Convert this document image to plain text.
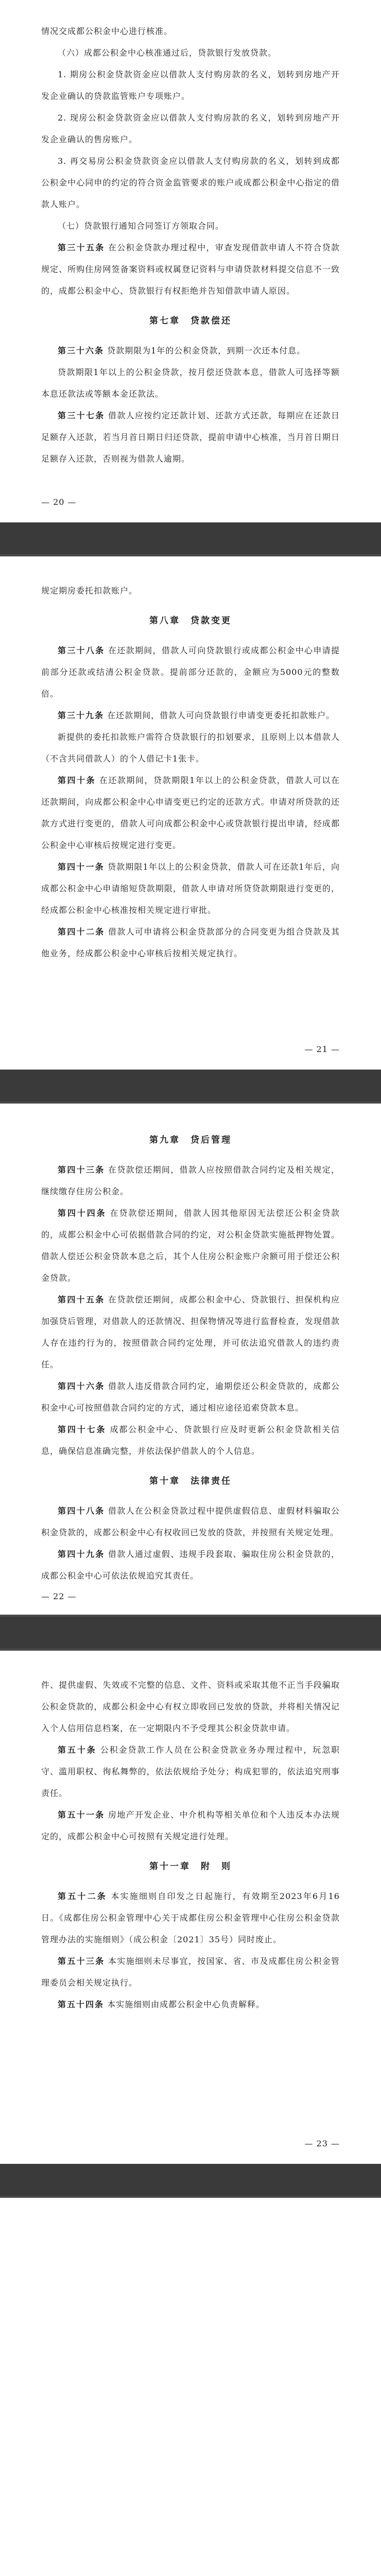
情况交成都公积金中心进行核准。

（六）成都公积金中心核准通过后，贷款银行发放贷款。

1. 期房公积金贷款资金应以借款人支付购房款的名义，划转到房地产开发企业确认的贷款监管账户专项账户。

2. 现房公积金贷款资金应以借款人支付购房款的名义，划转到房地产开发企业确认的售房账户。

3. 再交易房公积金贷款资金应以借款人支付购房款的名义，划转到成都公积金中心同申的约定的符合资金监管要求的账户或成都公积金中心指定的借款人账户。

（七）贷款银行通知合同签订方领取合同。

第三十五条 在公积金贷款办理过程中，审查发现借款申请人不符合贷款规定、所购住房网签备案资料或权属登记资料与申请贷款材料提交信息不一致的，成都公积金中心、贷款银行有权拒绝并告知借款申请人原因。

第七章　贷款偿还

第三十六条 贷款期限为1年的公积金贷款，到期一次还本付息。

贷款期限1年以上的公积金贷款，按月偿还贷款本息，借款人可选择等额本息还款法或等额本金还款法。

第三十七条 借款人应按约定还款计划、还款方式还款，每期应在还款日足额存入还款，若当月首日期日归还贷款，提前申请中心核准，当月首日期日足额存入还款，否则视为借款人逾期。

— 20 —

规定期房委托扣款账户。

第八章　贷款变更

第三十八条 在还款期间，借款人可向贷款银行或成都公积金中心申请提前部分还款或结清公积金贷款。提前部分还款的，金额应为5000元的整数倍。

第三十九条 在还款期间，借款人可向贷款银行申请变更委托扣款账户。

新提供的委托扣款账户需符合贷款银行的扣划要求，且原则上以本借款人（不含共同借款人）的个人借记卡1张卡。

第四十条 在还款期间，贷款期限1年以上的公积金贷款，借款人可以在还款期间，向成都公积金中心申请变更已约定的还款方式。申请对所贷款的还款方式进行变更的，借款人可向成都公积金中心或贷款银行提出申请，经成都公积金中心审核后按规定进行变更。

第四十一条 贷款期限1年以上的公积金贷款，借款人可在还款1年后，向成都公积金中心申请缩短贷款期限，借款人申请对所贷贷款期限进行变更的，经成都公积金中心核准按相关规定进行审批。

第四十二条 借款人可申请将公积金贷款部分的合同变更为组合贷款及其他业务，经成都公积金中心审核后按相关规定执行。

— 21 —
第九章　贷后管理

第四十三条 在贷款偿还期间，借款人应按照借款合同约定及相关规定，继续缴存住房公积金。

第四十四条 在贷款偿还期间，借款人因其他原因无法偿还公积金贷款的，成都公积金中心可依据借款合同的约定，对公积金贷款实施抵押物处置。借款人偿还公积金贷款本息之后，其个人住房公积金账户余额可用于偿还公积金贷款。

第四十五条 在贷款偿还期间，成都公积金中心、贷款银行、担保机构应加强贷后管理，对借款人的还款情况、担保物情况等进行监督检查，发现借款人存在违约行为的，按照借款合同约定处理，并可依法追究借款人的违约责任。

第四十六条 借款人违反借款合同约定，逾期偿还公积金贷款的，成都公积金中心可按照借款合同约定的方式，通过相应途径追索贷款本息。

第四十七条 成都公积金中心、贷款银行应及时更新公积金贷款相关信息，确保信息准确完整，并依法保护借款人的个人信息。

第十章　法律责任

第四十八条 借款人在公积金贷款过程中提供虚假信息、虚假材料骗取公积金贷款的，成都公积金中心有权收回已发放的贷款，并按照有关规定处理。

第四十九条 借款人通过虚假、违规手段套取、骗取住房公积金贷款的，成都公积金中心可依法依规追究其责任。

— 22 —

件、提供虚假、失效或不完整的信息、文件、资料或采取其他不正当手段骗取公积金贷款的，成都公积金中心有权立即收回已发放的贷款，并将相关情况记入个人信用信息档案，在一定期限内不予受理其公积金贷款申请。

第五十条 公积金贷款工作人员在公积金贷款业务办理过程中，玩忽职守、滥用职权、徇私舞弊的，依法依规给予处分；构成犯罪的，依法追究刑事责任。

第五十一条 房地产开发企业、中介机构等相关单位和个人违反本办法规定的，成都公积金中心可按照有关规定进行处理。

第十一章　附　则

第五十二条 本实施细则自印发之日起施行，有效期至2023年6月16日。《成都住房公积金管理中心关于成都住房公积金管理中心住房公积金贷款管理办法的实施细则》（成公积金〔2021〕35号）同时废止。

第五十三条 本实施细则未尽事宜，按国家、省、市及成都住房公积金管理委员会相关规定执行。

第五十四条 本实施细则由成都公积金中心负责解释。

— 23 —
